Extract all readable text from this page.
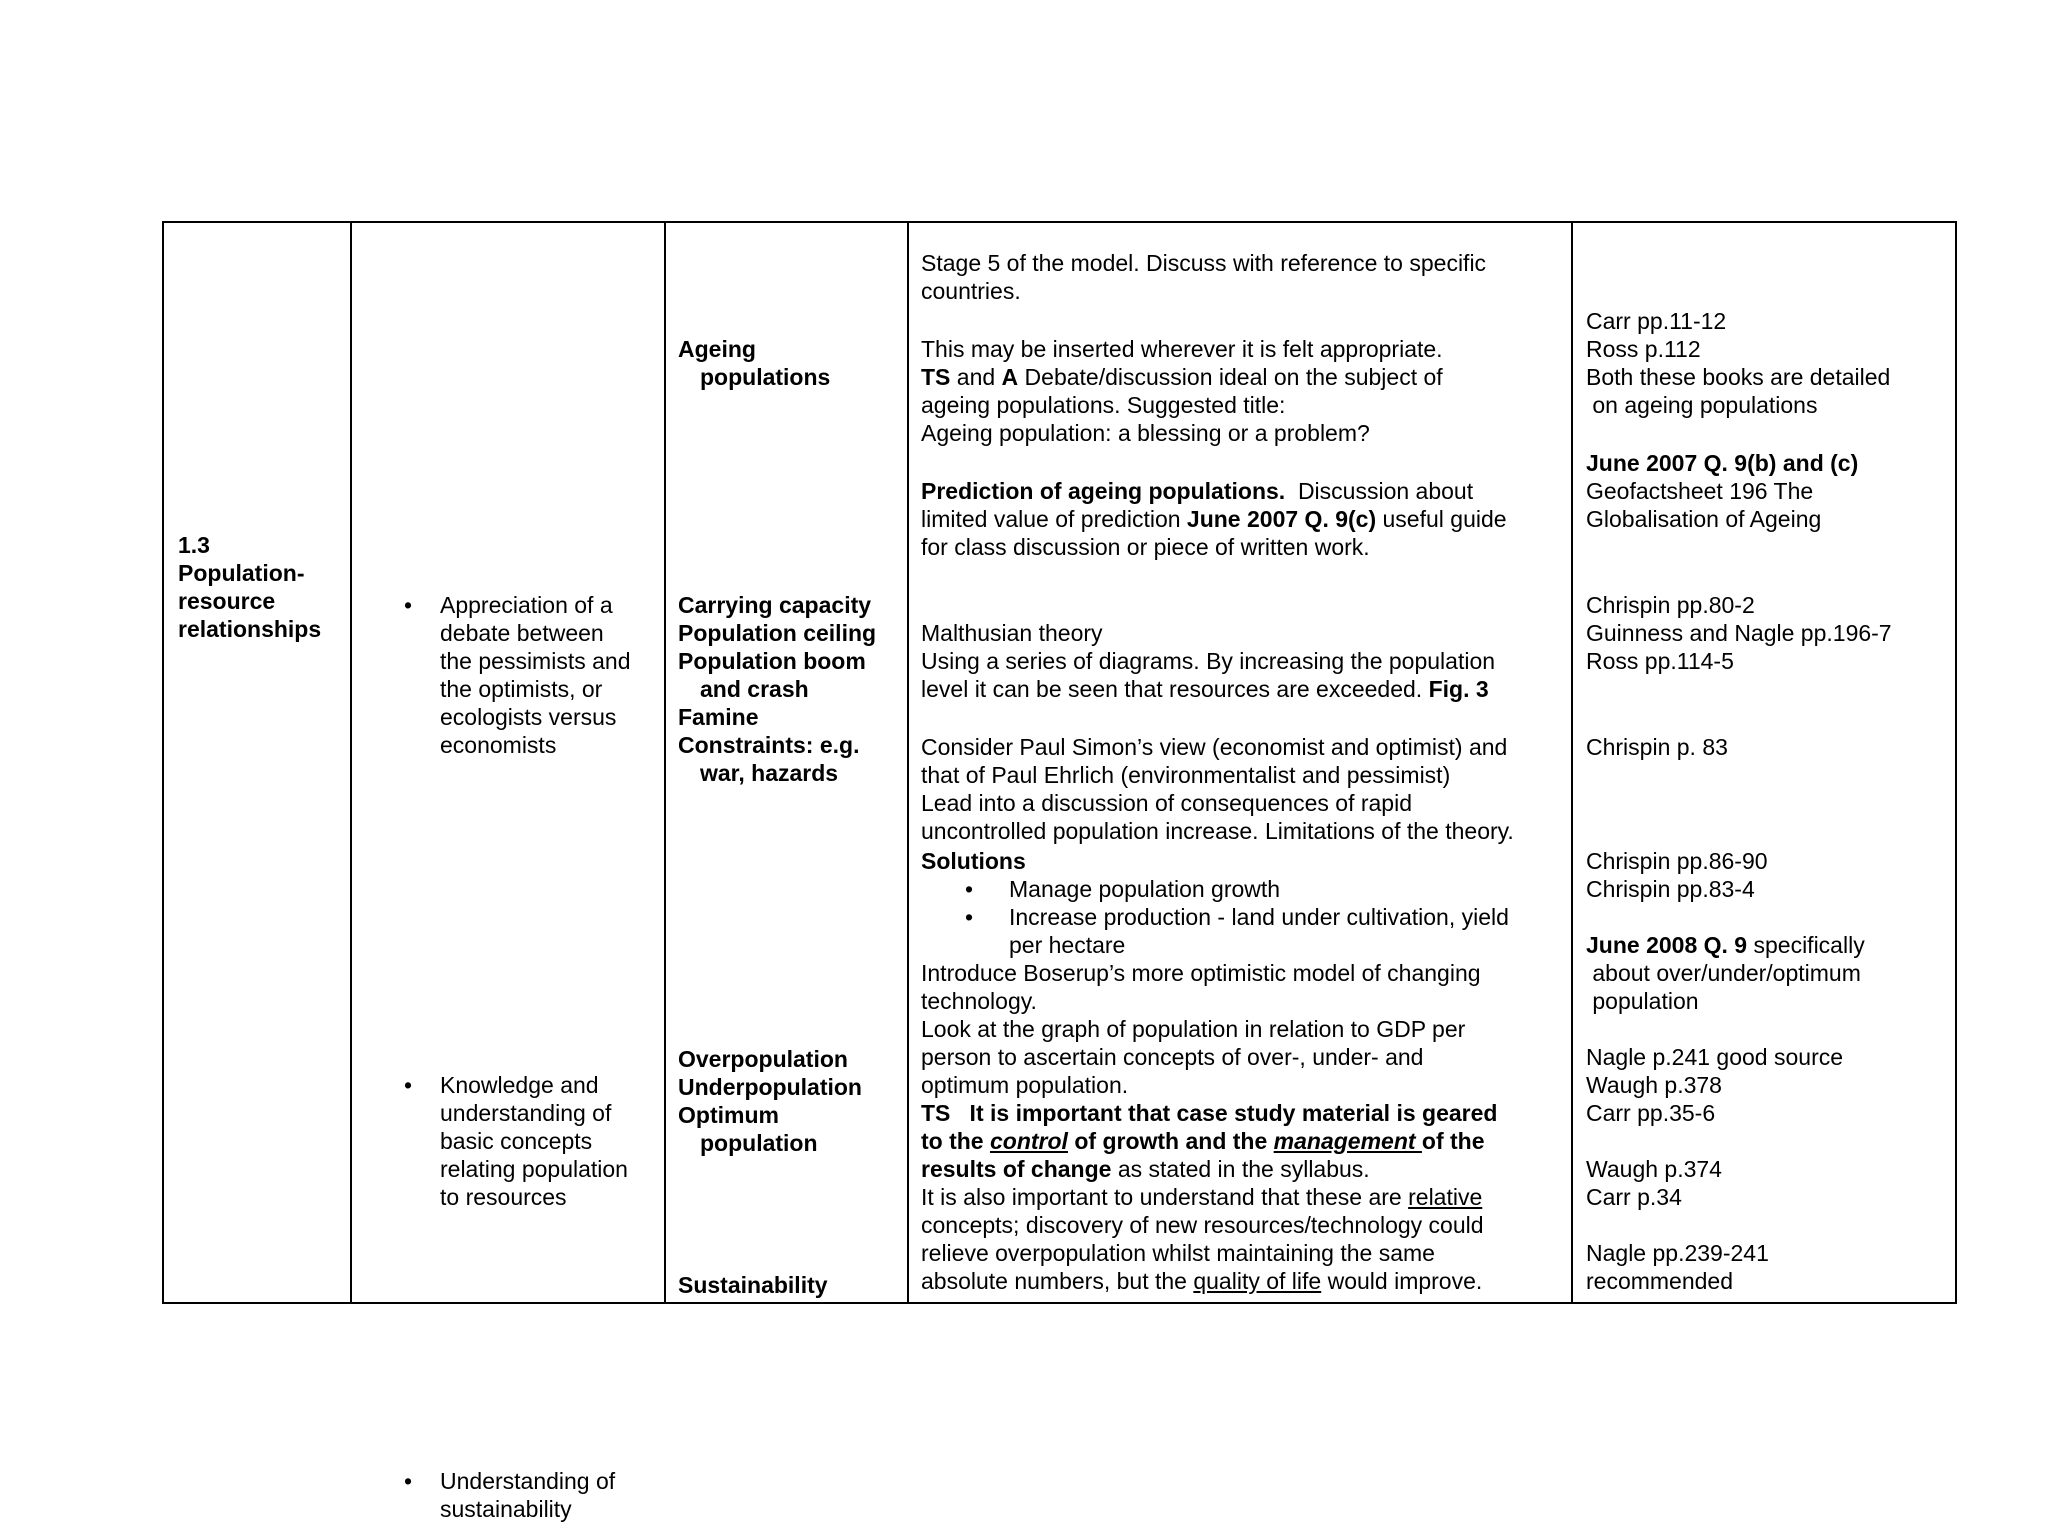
1.3
Population-
resource
relationships
• Appreciation of a
debate between
the pessimists and
the optimists, or
ecologists versus
economists
• Knowledge and
understanding of
basic concepts
relating population
to resources
• Understanding of
sustainability
Ageing
populations
Carrying capacity
Population ceiling
Population boom
and crash
Famine
Constraints: e.g.
war, hazards
Overpopulation
Underpopulation
Optimum
population
Sustainability
Stage 5 of the model. Discuss with reference to specific
countries.
This may be inserted wherever it is felt appropriate.
TS and A Debate/discussion ideal on the subject of
ageing populations. Suggested title:
Ageing population: a blessing or a problem?
Prediction of ageing populations.  Discussion about
limited value of prediction June 2007 Q. 9(c) useful guide
for class discussion or piece of written work.
Malthusian theory
Using a series of diagrams. By increasing the population
level it can be seen that resources are exceeded. Fig. 3
Consider Paul Simon’s view (economist and optimist) and
that of Paul Ehrlich (environmentalist and pessimist)
Lead into a discussion of consequences of rapid
uncontrolled population increase. Limitations of the theory.
Solutions
• Manage population growth
• Increase production - land under cultivation, yield
per hectare
Introduce Boserup’s more optimistic model of changing
technology.
Look at the graph of population in relation to GDP per
person to ascertain concepts of over-, under- and
optimum population.
TS   It is important that case study material is geared
to the control of growth and the management of the
results of change as stated in the syllabus.
It is also important to understand that these are relative
concepts; discovery of new resources/technology could
relieve overpopulation whilst maintaining the same
absolute numbers, but the quality of life would improve.
Carr pp.11-12
Ross p.112
Both these books are detailed
on ageing populations
June 2007 Q. 9(b) and (c)
Geofactsheet 196 The
Globalisation of Ageing
Chrispin pp.80-2
Guinness and Nagle pp.196-7
Ross pp.114-5
Chrispin p. 83
Chrispin pp.86-90
Chrispin pp.83-4
June 2008 Q. 9 specifically
about over/under/optimum
population
Nagle p.241 good source
Waugh p.378
Carr pp.35-6
Waugh p.374
Carr p.34
Nagle pp.239-241
recommended
